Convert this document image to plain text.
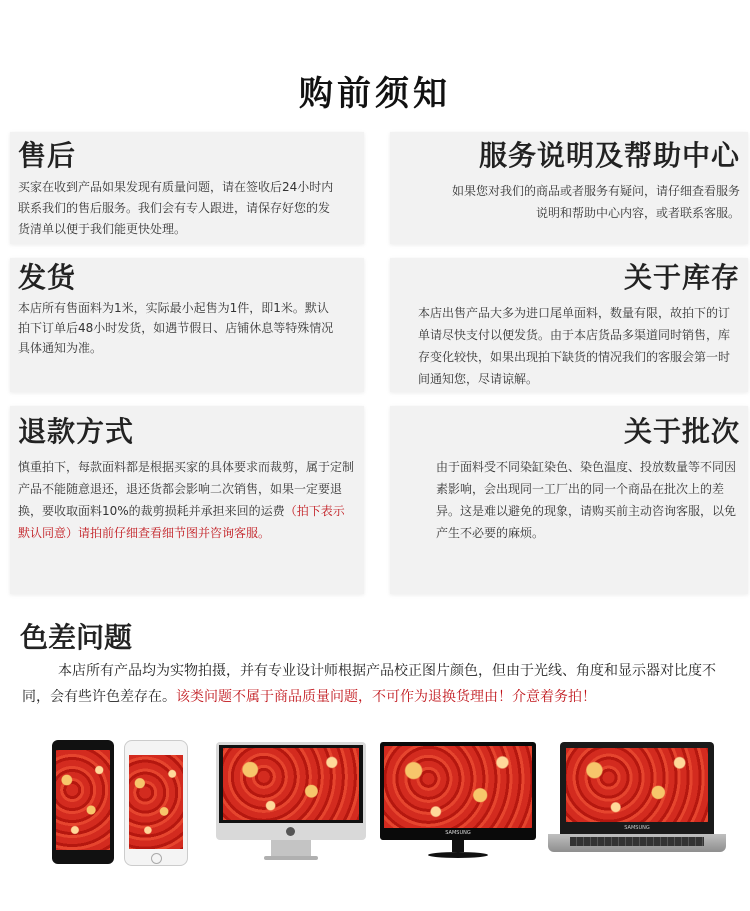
购前须知
售后

买家在收到产品如果发现有质量问题，请在签收后24小时内联系我们的售后服务。我们会有专人跟进，请保存好您的发货清单以便于我们能更快处理。

服务说明及帮助中心

如果您对我们的商品或者服务有疑问，请仔细查看服务说明和帮助中心内容，或者联系客服。

发货

本店所有售面料为1米，实际最小起售为1件，即1米。默认拍下订单后48小时发货，如遇节假日、店铺休息等特殊情况具体通知为准。

关于库存

本店出售产品大多为进口尾单面料，数量有限，故拍下的订单请尽快支付以便发货。由于本店货品多渠道同时销售，库存变化较快，如果出现拍下缺货的情况我们的客服会第一时间通知您，尽请谅解。

退款方式

慎重拍下，每款面料都是根据买家的具体要求而裁剪，属于定制产品不能随意退还，退还货都会影响二次销售，如果一定要退换，要收取面料10%的裁剪损耗并承担来回的运费（拍下表示默认同意）请拍前仔细查看细节图并咨询客服。

关于批次

由于面料受不同染缸染色、染色温度、投放数量等不同因素影响，会出现同一工厂出的同一个商品在批次上的差异。这是难以避免的现象，请购买前主动咨询客服，以免产生不必要的麻烦。

色差问题
本店所有产品均为实物拍摄，并有专业设计师根据产品校正图片颜色，但由于光线、角度和显示器对比度不同，会有些许色差存在。该类问题不属于商品质量问题，不可作为退换货理由！介意着务拍！
SAMSUNG
SAMSUNG
